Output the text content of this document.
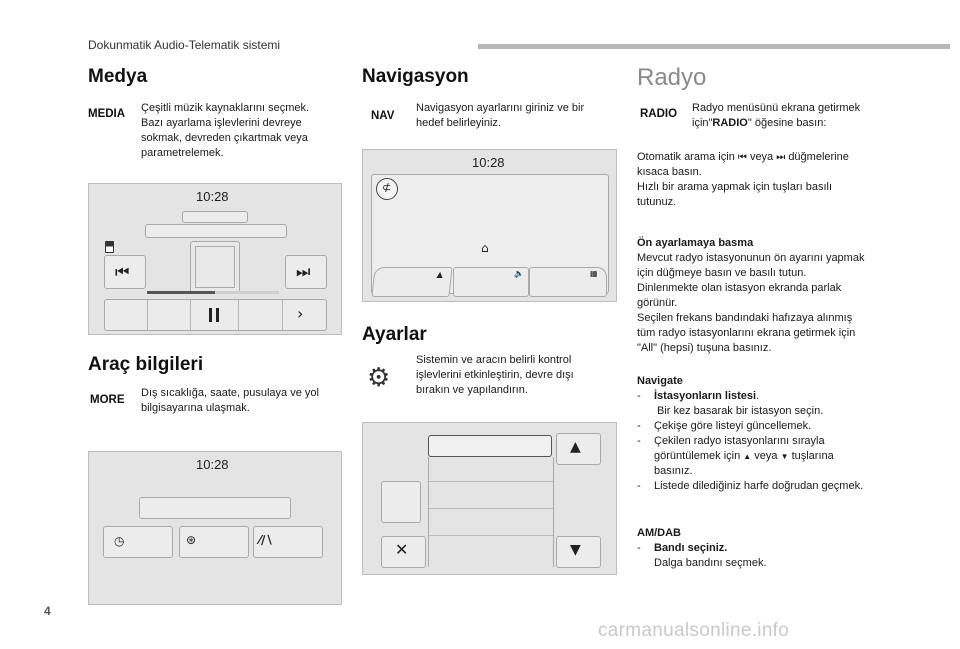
Dokunmatik Audio-Telematik sistemi
Medya
MEDIA Çeşitli müzik kaynaklarını seçmek.
Bazı ayarlama işlevlerini devreye
sokmak, devreden çıkartmak veya
parametrelemek.
10:28
⏮	⏭
›
Araç bilgileri
MORE
Dış sıcaklığa, saate, pusulaya ve yol
bilgisayarına ulaşmak.
10:28
◷	⊛	⁄∕∖
Navigasyon
NAV
Navigasyon ayarlarını giriniz ve bir
hedef belirleyiniz.
10:28
⊄
⌂
▲	🔈	▦
Ayarlar
⚙
Sistemin ve aracın belirli kontrol
işlevlerini etkinleştirin, devre dışı
bırakın ve yapılandırın.
▲
▼
✕
Radyo
RADIO Radyo menüsünü ekrana getirmek
için"RADIO" öğesine basın:
Otomatik arama için ⏮ veya ⏭ düğmelerine
kısaca basın.
Hızlı bir arama yapmak için tuşları basılı
tutunuz.
Ön ayarlamaya basma
Mevcut radyo istasyonunun ön ayarını yapmak
için düğmeye basın ve basılı tutun.
Dinlenmekte olan istasyon ekranda parlak
görünür.
Seçilen frekans bandındaki hafızaya alınmış
tüm radyo istasyonlarını ekrana getirmek için
"All" (hepsi) tuşuna basınız.
Navigate
- İstasyonların listesi.
Bir kez basarak bir istasyon seçin.
- Çekişe göre listeyi güncellemek.
- Çekilen radyo istasyonlarını sırayla
görüntülemek için ▲ veya ▼ tuşlarına
basınız.
- Listede dilediğiniz harfe doğrudan geçmek.
AM/DAB
- Bandı seçiniz.
Dalga bandını seçmek.
4
carmanualsonline.info
